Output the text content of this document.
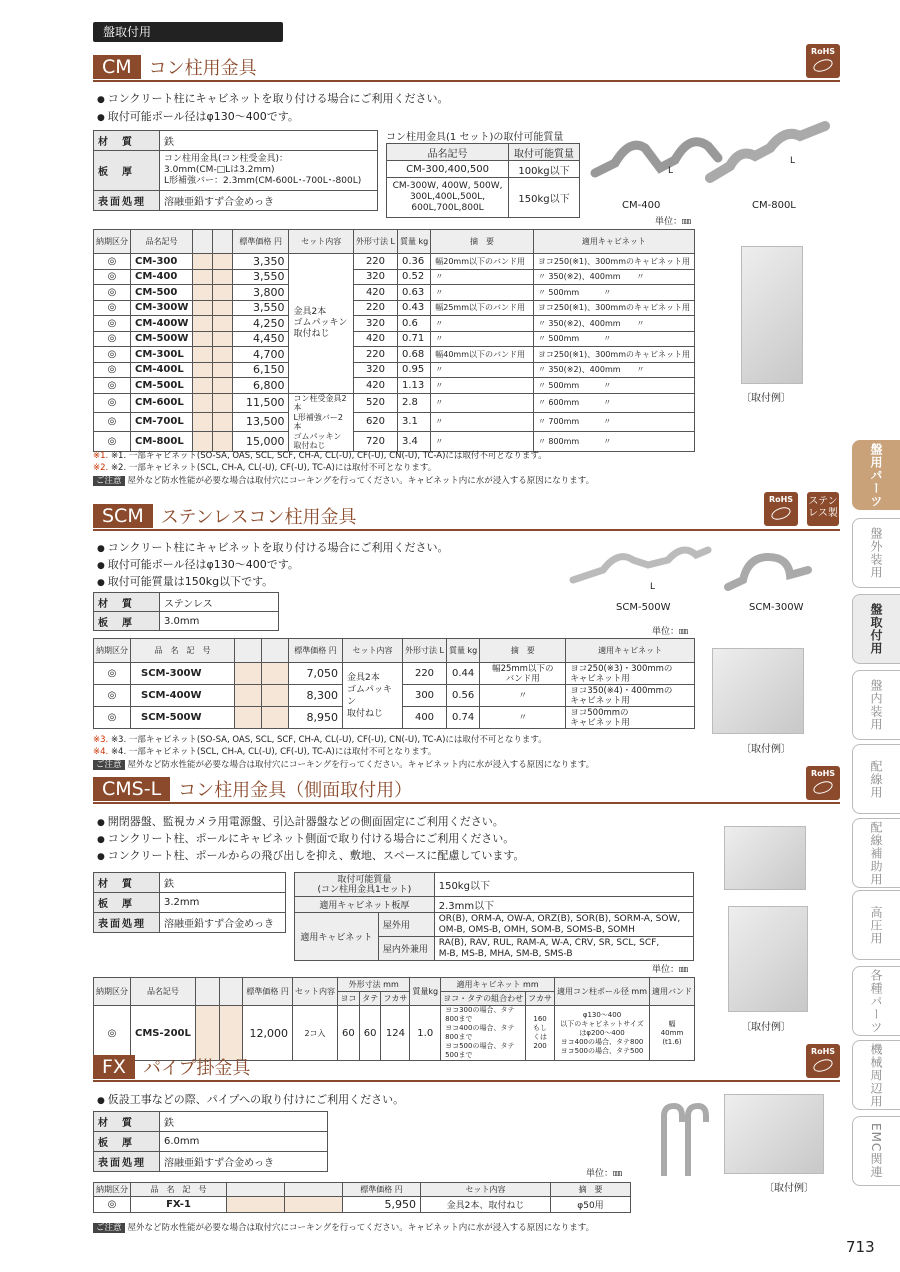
盤取付用
CM コン柱用金具
RoHS
● コンクリート柱にキャビネットを取り付ける場合にご利用ください。
● 取付可能ポール径はφ130～400です。
材　質	鉄
板　厚	コン柱用金具(コン柱受金具)：
3.0mm(CM-□Lは3.2mm)
L形補強バー：2.3mm(CM-600L･-700L･-800L)
表面処理	溶融亜鉛すず合金めっき
コン柱用金具(1 セット)の取付可能質量
品名記号	取付可能質量
CM-300,400,500	100kg以下
CM-300W, 400W, 500W,
300L,400L,500L,
600L,700L,800L	150kg以下
L
L
CM-400	CM-800L
単位：㎜
納期区分	品名記号			標準価格 円	セット内容	外形寸法 L	質量 kg	摘　要	適用キャビネット
◎	CM-300			3,350	金具2本
ゴムパッキン
取付ねじ	220	0.36	幅20mm以下のバンド用	ヨコ250(※1)、300mmのキャビネット用
◎	CM-400			3,550		320	0.52	〃	〃 350(※2)、400mm　　〃
◎	CM-500			3,800		420	0.63	〃	〃 500mm　　　〃
◎	CM-300W			3,550		220	0.43	幅25mm以下のバンド用	ヨコ250(※1)、300mmのキャビネット用
◎	CM-400W			4,250		320	0.6	〃	〃 350(※2)、400mm　　〃
◎	CM-500W			4,450		420	0.71	〃	〃 500mm　　　〃
◎	CM-300L			4,700		220	0.68	幅40mm以下のバンド用	ヨコ250(※1)、300mmのキャビネット用
◎	CM-400L			6,150		320	0.95	〃	〃 350(※2)、400mm　　〃
◎	CM-500L			6,800		420	1.13	〃	〃 500mm　　　〃
◎	CM-600L			11,500	コン柱受金具2本
L形補強バー2本
ゴムパッキン
取付ねじ	520	2.8	〃	〃 600mm　　　〃
◎	CM-700L			13,500		620	3.1	〃	〃 700mm　　　〃
◎	CM-800L			15,000		720	3.4	〃	〃 800mm　　　〃
※1. ※1. 一部キャビネット(SO-SA, OAS, SCL, SCF, CH-A, CL(-U), CF(-U), CN(-U), TC-A)には取付不可となります。
※2. ※2. 一部キャビネット(SCL, CH-A, CL(-U), CF(-U), TC-A)には取付不可となります。
ご注意 屋外など防水性能が必要な場合は取付穴にコーキングを行ってください。キャビネット内に水が浸入する原因になります。
〔取付例〕
SCM ステンレスコン柱用金具
RoHS	ステンレス製
● コンクリート柱にキャビネットを取り付ける場合にご利用ください。
● 取付可能ポール径はφ130～400です。
● 取付可能質量は150kg以下です。
材　質	ステンレス
板　厚	3.0mm
L
SCM-500W	SCM-300W
単位：㎜
納期区分	品　名　記　号			標準価格 円	セット内容	外形寸法 L	質量 kg	摘　要	適用キャビネット
◎	SCM-300W			7,050	金具2本
ゴムパッキン
取付ねじ	220	0.44	幅25mm以下の
バンド用	ヨコ250(※3)・300mmの
キャビネット用
◎	SCM-400W			8,300		300	0.56	〃	ヨコ350(※4)・400mmの
キャビネット用
◎	SCM-500W			8,950		400	0.74	〃	ヨコ500mmの
キャビネット用
※3. ※3. 一部キャビネット(SO-SA, OAS, SCL, SCF, CH-A, CL(-U), CF(-U), CN(-U), TC-A)には取付不可となります。
※4. ※4. 一部キャビネット(SCL, CH-A, CL(-U), CF(-U), TC-A)には取付不可となります。
ご注意 屋外など防水性能が必要な場合は取付穴にコーキングを行ってください。キャビネット内に水が浸入する原因になります。
〔取付例〕
CMS-L コン柱用金具（側面取付用）
RoHS
● 開閉器盤、監視カメラ用電源盤、引込計器盤などの側面固定にご利用ください。
● コンクリート柱、ポールにキャビネット側面で取り付ける場合にご利用ください。
● コンクリート柱、ポールからの飛び出しを抑え、敷地、スペースに配慮しています。
材　質	鉄
板　厚	3.2mm
表面処理	溶融亜鉛すず合金めっき
取付可能質量
(コン柱用金具1セット)		150kg以下
適用キャビネット板厚		2.3mm以下
適用キャビネット	屋外用	OR(B), ORM-A, OW-A, ORZ(B), SOR(B), SORM-A, SOW,
OM-B, OMS-B, OMH, SOM-B, SOMS-B, SOMH
	屋内外兼用	RA(B), RAV, RUL, RAM-A, W-A, CRV, SR, SCL, SCF,
M-B, MS-B, MHA, SM-B, SMS-B
単位：㎜
納期区分	品名記号			標準価格 円	セット内容	外形寸法 mm			質量kg	適用キャビネット mm		適用コン柱ポール径 mm	適用バンド
						ヨコ	タテ	フカサ		ヨコ・タテの組合わせ	フカサ		
◎	CMS-200L			12,000	2コ入	60	60	124	1.0	ヨコ300の場合、タテ800まで
ヨコ400の場合、タテ800まで
ヨコ500の場合、タテ500まで	160
もしくは
200	φ130～400
以下のキャビネットサイズはφ200～400
ヨコ400の場合、タテ800
ヨコ500の場合、タテ500	幅
40mm
(t1.6)
〔取付例〕
FX パイプ掛金具
RoHS
● 仮設工事などの際、パイプへの取り付けにご利用ください。
材　質	鉄
板　厚	6.0mm
表面処理	溶融亜鉛すず合金めっき
〔取付例〕
単位：㎜
納期区分	品　名　記　号			標準価格 円	セット内容	摘　要
◎	FX-1			5,950	金具2本、取付ねじ	φ50用
ご注意 屋外など防水性能が必要な場合は取付穴にコーキングを行ってください。キャビネット内に水が浸入する原因になります。
盤用パーツ
盤外装用
盤取付用
盤内装用
配線用
配線補助用
高圧用
各種パーツ
機械周辺用
EMC関連
713
